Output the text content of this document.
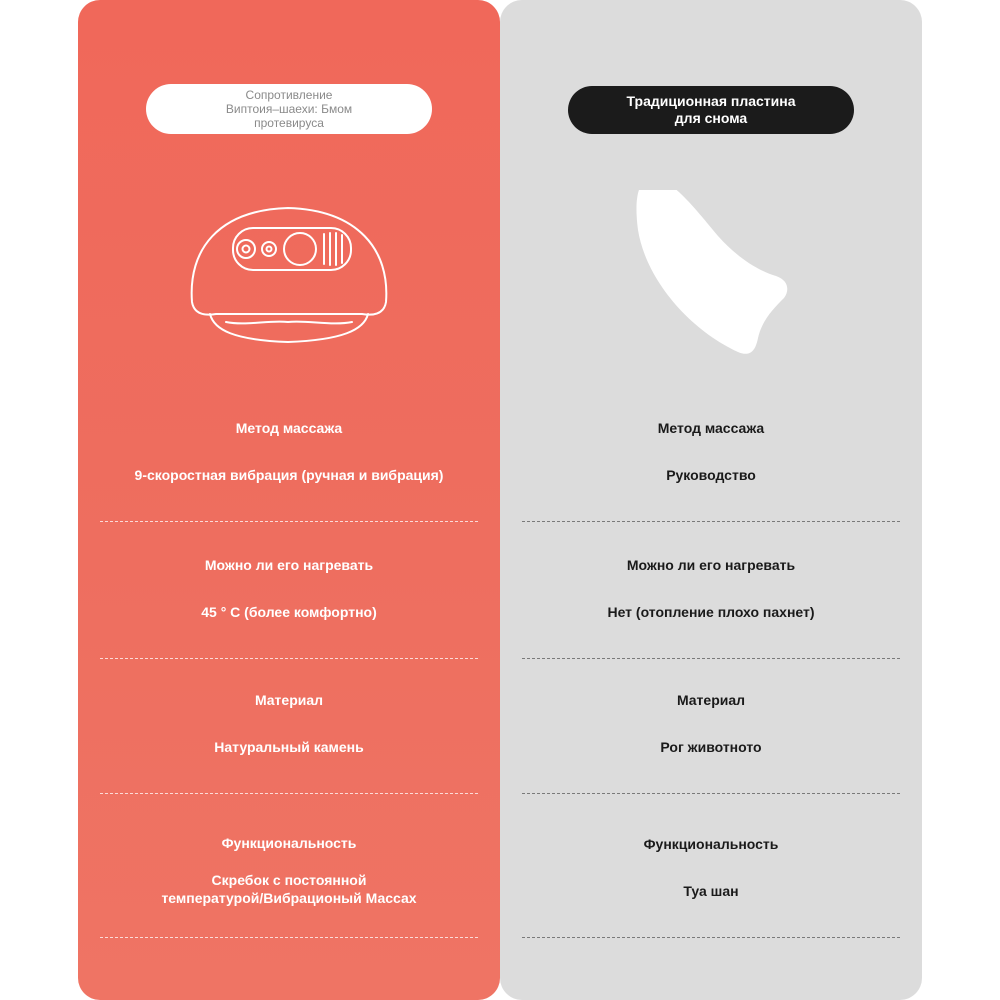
Сопротивление
Виптоия–шаехи: Бмом
протевируса
Метод массажа
9-скоростная вибрация (ручная и вибрация)
Можно ли его нагревать
45 ° C (более комфортно)
Материал
Натуральный камень
Функциональность
Скребок с постоянной
температурой/Вибрационый Массах
Традиционная пластина
для снома
Метод массажа
Руководство
Можно ли его нагревать
Нет (отопление плохо пахнет)
Материал
Рог животното
Функциональность
Туа шан
